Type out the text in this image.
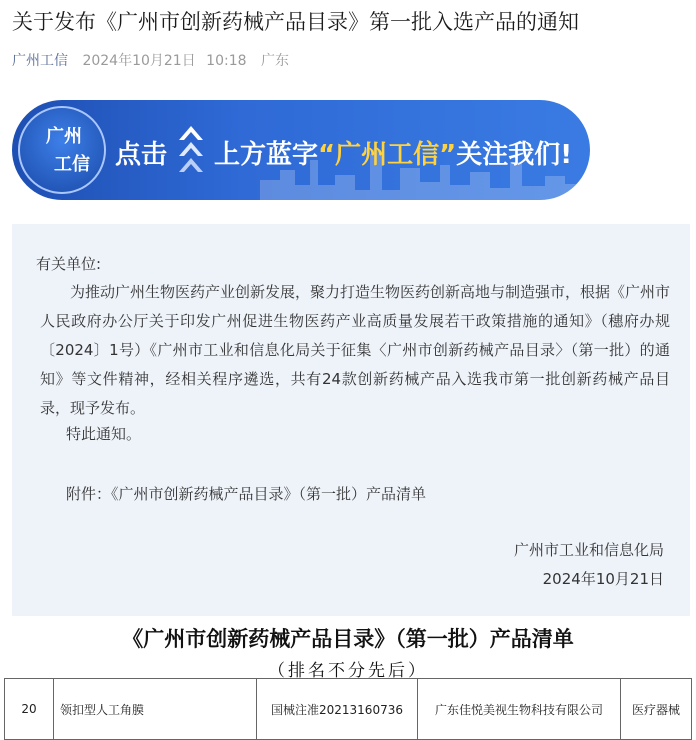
关于发布《广州市创新药械产品目录》第一批入选产品的通知
广州工信 2024年10月21日 10:18 广东
广州
工信 点击 上方蓝字“广州工信”关注我们!
有关单位:
为推动广州生物医药产业创新发展，聚力打造生物医药创新高地与制造强市，根据《广州市人民政府办公厅关于印发广州促进生物医药产业高质量发展若干政策措施的通知》（穗府办规〔2024〕1号）《广州市工业和信息化局关于征集〈广州市创新药械产品目录〉（第一批）的通知》等文件精神，经相关程序遴选，共有24款创新药械产品入选我市第一批创新药械产品目录，现予发布。
特此通知。
附件：《广州市创新药械产品目录》（第一批）产品清单
广州市工业和信息化局
2024年10月21日
《广州市创新药械产品目录》（第一批）产品清单
（排名不分先后）
20	领扣型人工角膜	国械注准20213160736	广东佳悦美视生物科技有限公司	医疗器械
